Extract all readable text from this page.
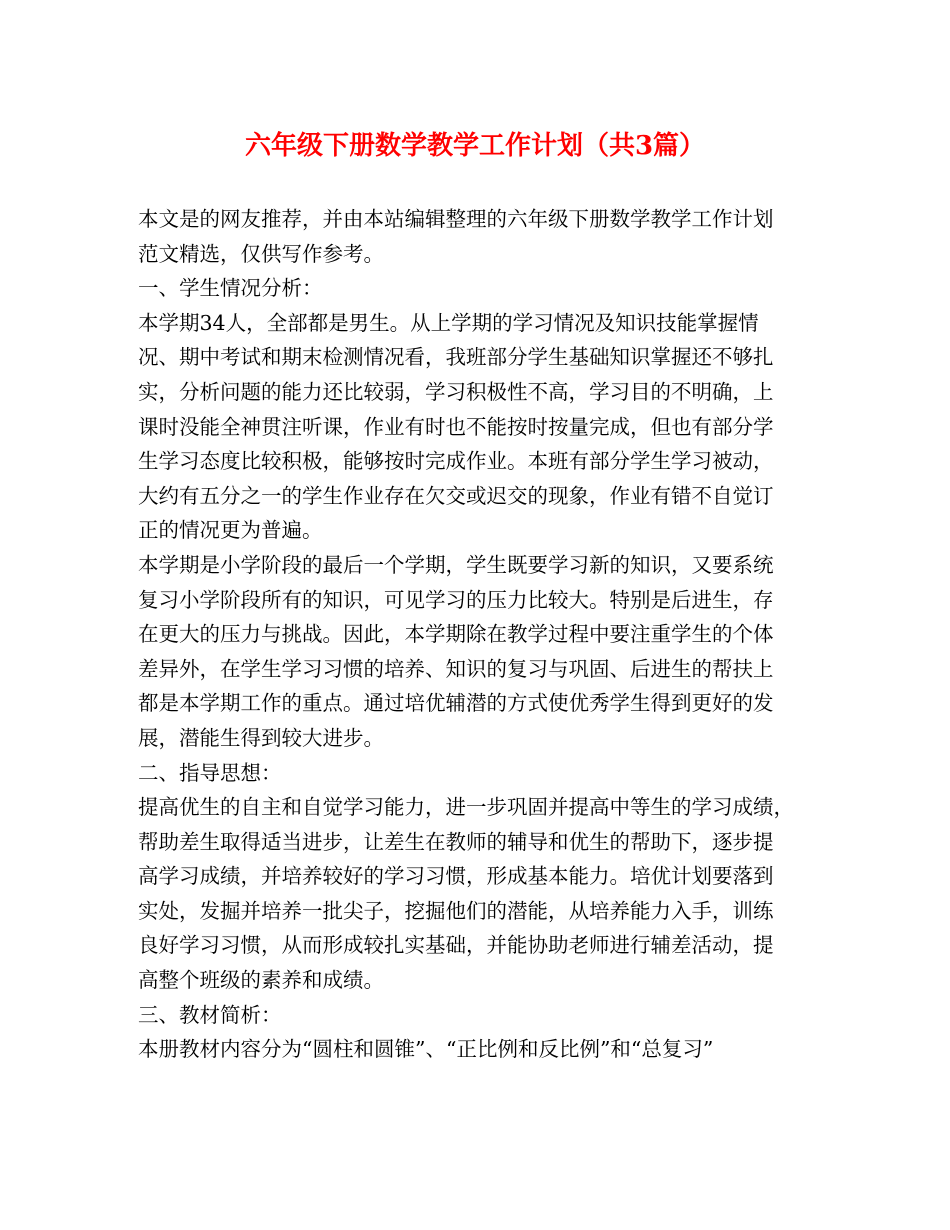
六年级下册数学教学工作计划（共3篇）
本文是的网友推荐，并由本站编辑整理的六年级下册数学教学工作计划
范文精选，仅供写作参考。
一、学生情况分析：
本学期34人，全部都是男生。从上学期的学习情况及知识技能掌握情
况、期中考试和期末检测情况看，我班部分学生基础知识掌握还不够扎
实，分析问题的能力还比较弱，学习积极性不高，学习目的不明确，上
课时没能全神贯注听课，作业有时也不能按时按量完成，但也有部分学
生学习态度比较积极，能够按时完成作业。本班有部分学生学习被动，
大约有五分之一的学生作业存在欠交或迟交的现象，作业有错不自觉订
正的情况更为普遍。
本学期是小学阶段的最后一个学期，学生既要学习新的知识，又要系统
复习小学阶段所有的知识，可见学习的压力比较大。特别是后进生，存
在更大的压力与挑战。因此，本学期除在教学过程中要注重学生的个体
差异外，在学生学习习惯的培养、知识的复习与巩固、后进生的帮扶上
都是本学期工作的重点。通过培优辅潜的方式使优秀学生得到更好的发
展，潜能生得到较大进步。
二、指导思想：
提高优生的自主和自觉学习能力，进一步巩固并提高中等生的学习成绩，
帮助差生取得适当进步，让差生在教师的辅导和优生的帮助下，逐步提
高学习成绩，并培养较好的学习习惯，形成基本能力。培优计划要落到
实处，发掘并培养一批尖子，挖掘他们的潜能，从培养能力入手，训练
良好学习习惯，从而形成较扎实基础，并能协助老师进行辅差活动，提
高整个班级的素养和成绩。
三、教材简析：
本册教材内容分为“圆柱和圆锥”、“正比例和反比例”和“总复习”
